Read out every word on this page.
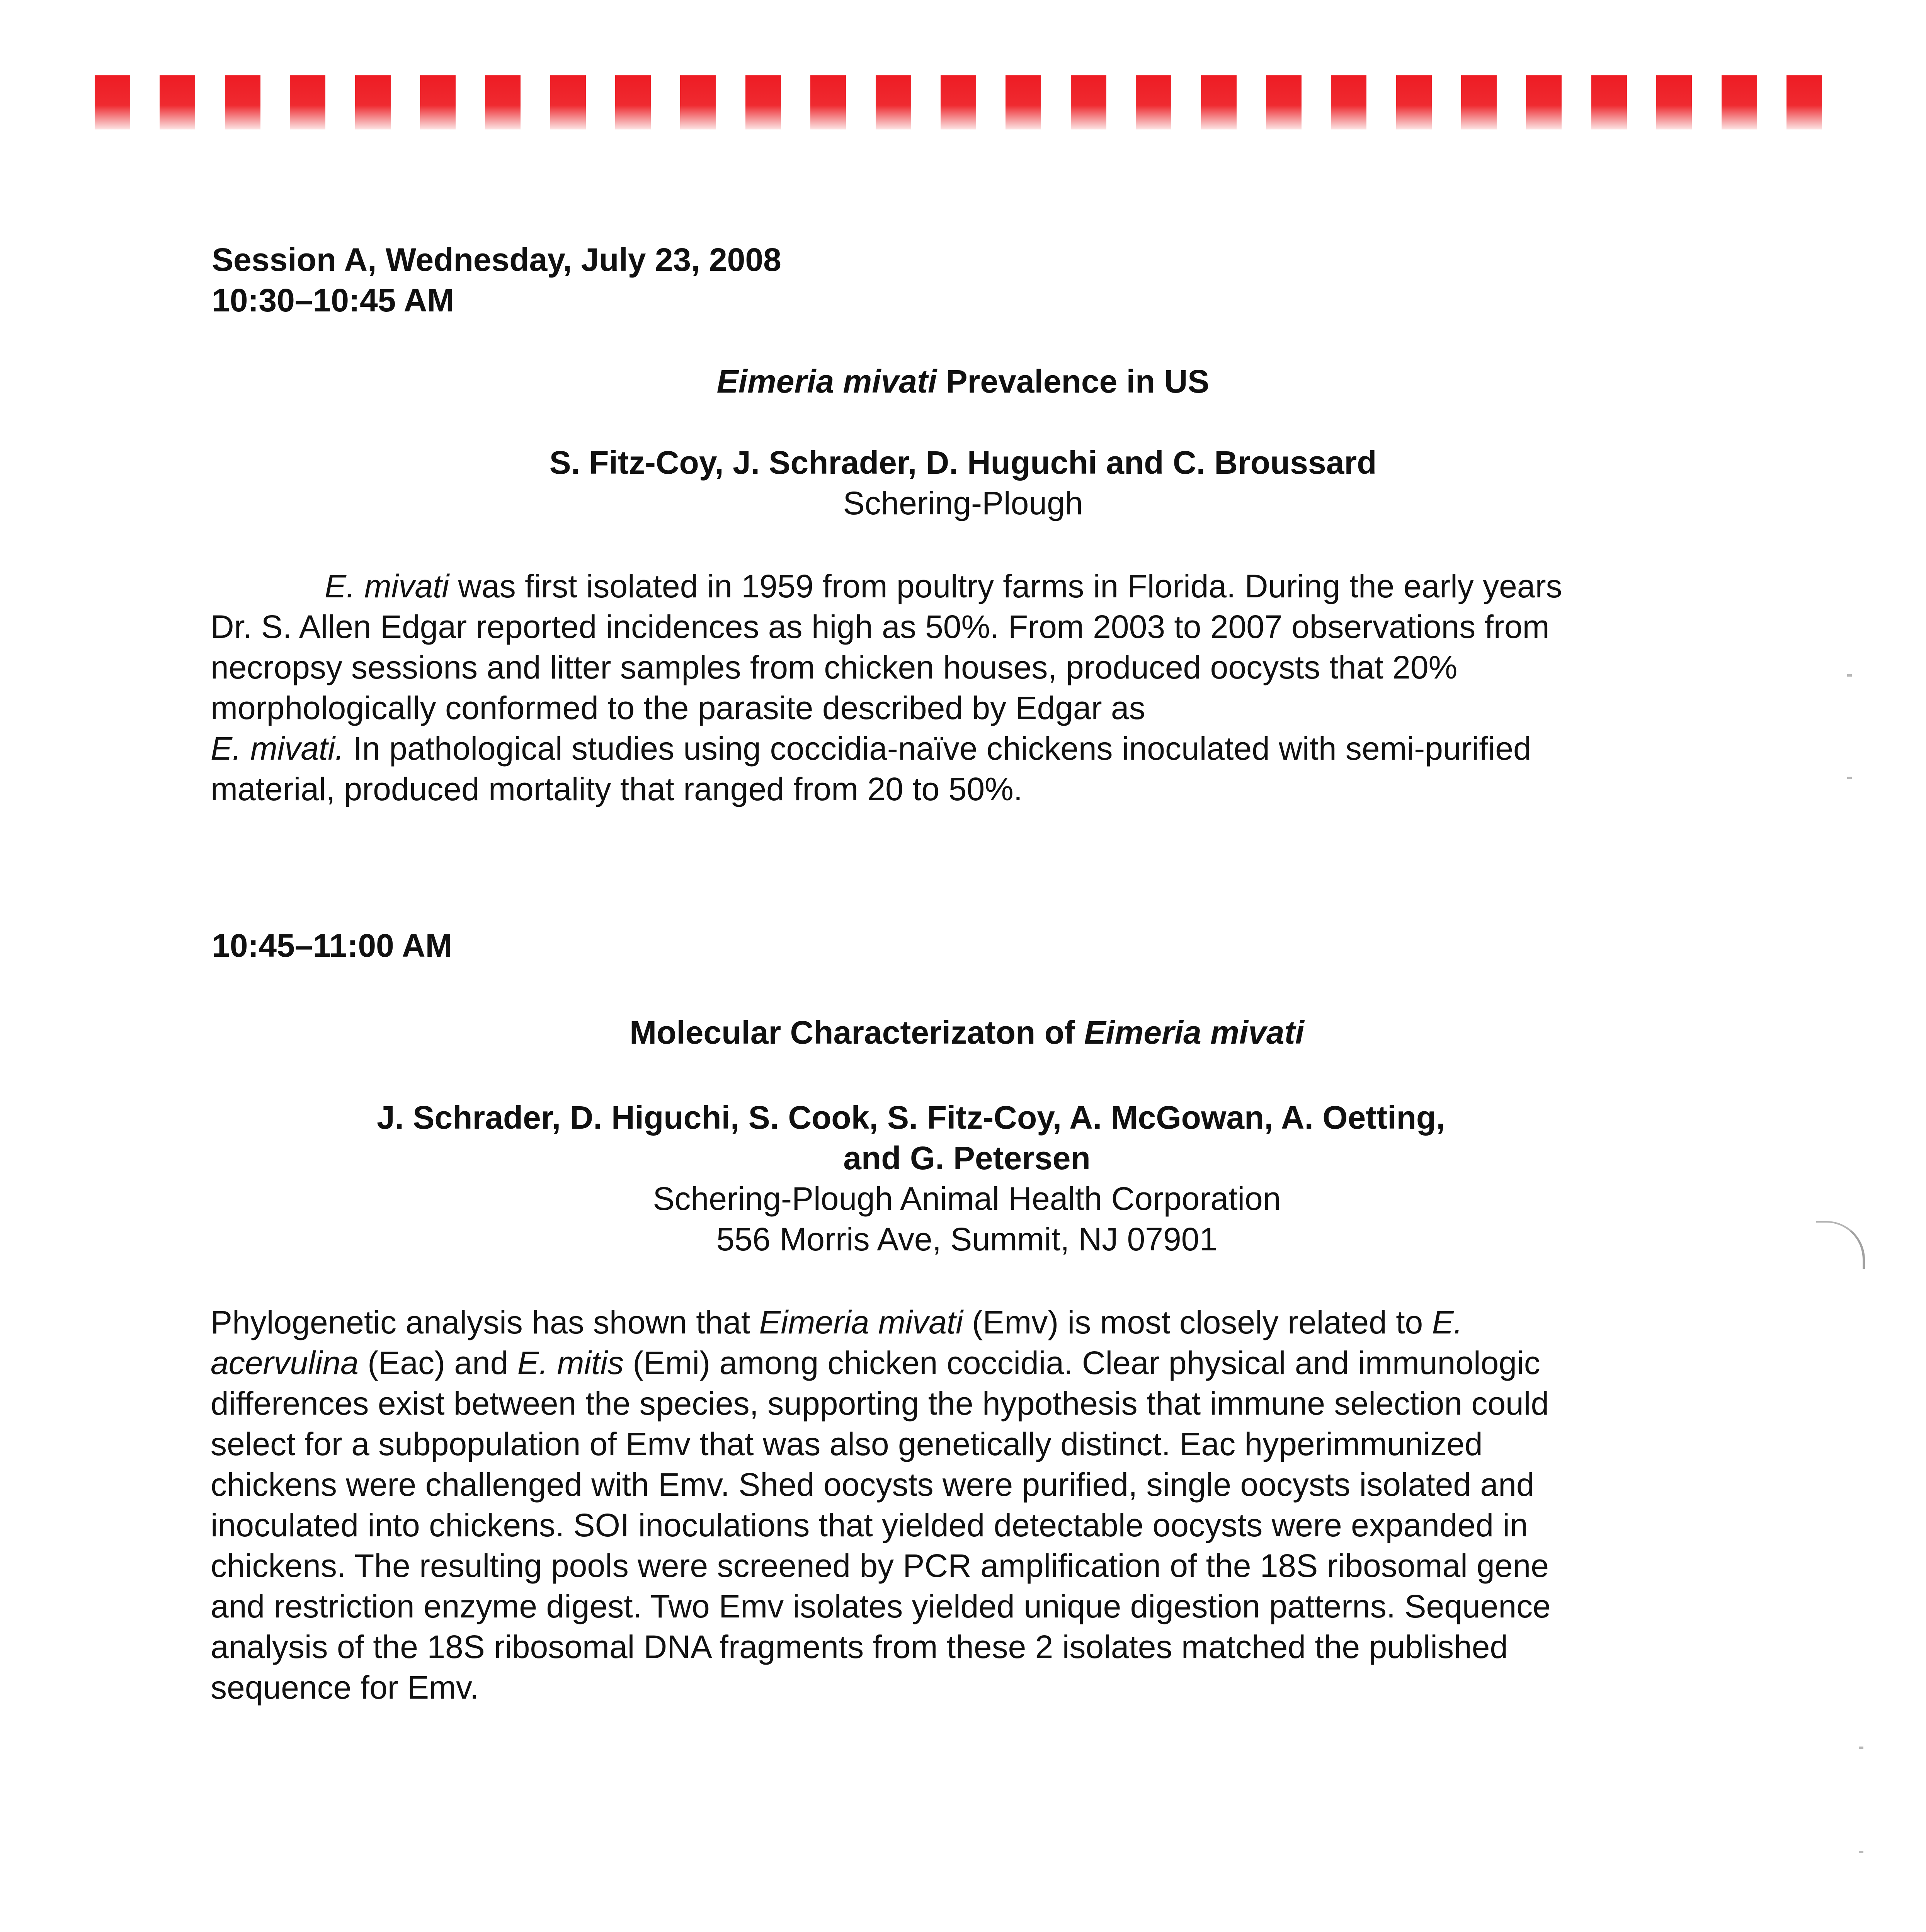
Session A, Wednesday, July 23, 2008
10:30–10:45 AM
Eimeria mivati Prevalence in US
S. Fitz-Coy, J. Schrader, D. Huguchi and C. Broussard
Schering-Plough
E. mivati was first isolated in 1959 from poultry farms in Florida. During the early years
Dr. S. Allen Edgar reported incidences as high as 50%. From 2003 to 2007 observations from
necropsy sessions and litter samples from chicken houses, produced oocysts that 20%
morphologically conformed to the parasite described by Edgar as
E. mivati. In pathological studies using coccidia-naïve chickens inoculated with semi-purified
material, produced mortality that ranged from 20 to 50%.
10:45–11:00 AM
Molecular Characterizaton of Eimeria mivati
J. Schrader, D. Higuchi, S. Cook, S. Fitz-Coy, A. McGowan, A. Oetting,
and G. Petersen
Schering-Plough Animal Health Corporation
556 Morris Ave, Summit, NJ 07901
Phylogenetic analysis has shown that Eimeria mivati (Emv) is most closely related to E.
acervulina (Eac) and E. mitis (Emi) among chicken coccidia. Clear physical and immunologic
differences exist between the species, supporting the hypothesis that immune selection could
select for a subpopulation of Emv that was also genetically distinct. Eac hyperimmunized
chickens were challenged with Emv. Shed oocysts were purified, single oocysts isolated and
inoculated into chickens. SOI inoculations that yielded detectable oocysts were expanded in
chickens. The resulting pools were screened by PCR amplification of the 18S ribosomal gene
and restriction enzyme digest. Two Emv isolates yielded unique digestion patterns. Sequence
analysis of the 18S ribosomal DNA fragments from these 2 isolates matched the published
sequence for Emv.
